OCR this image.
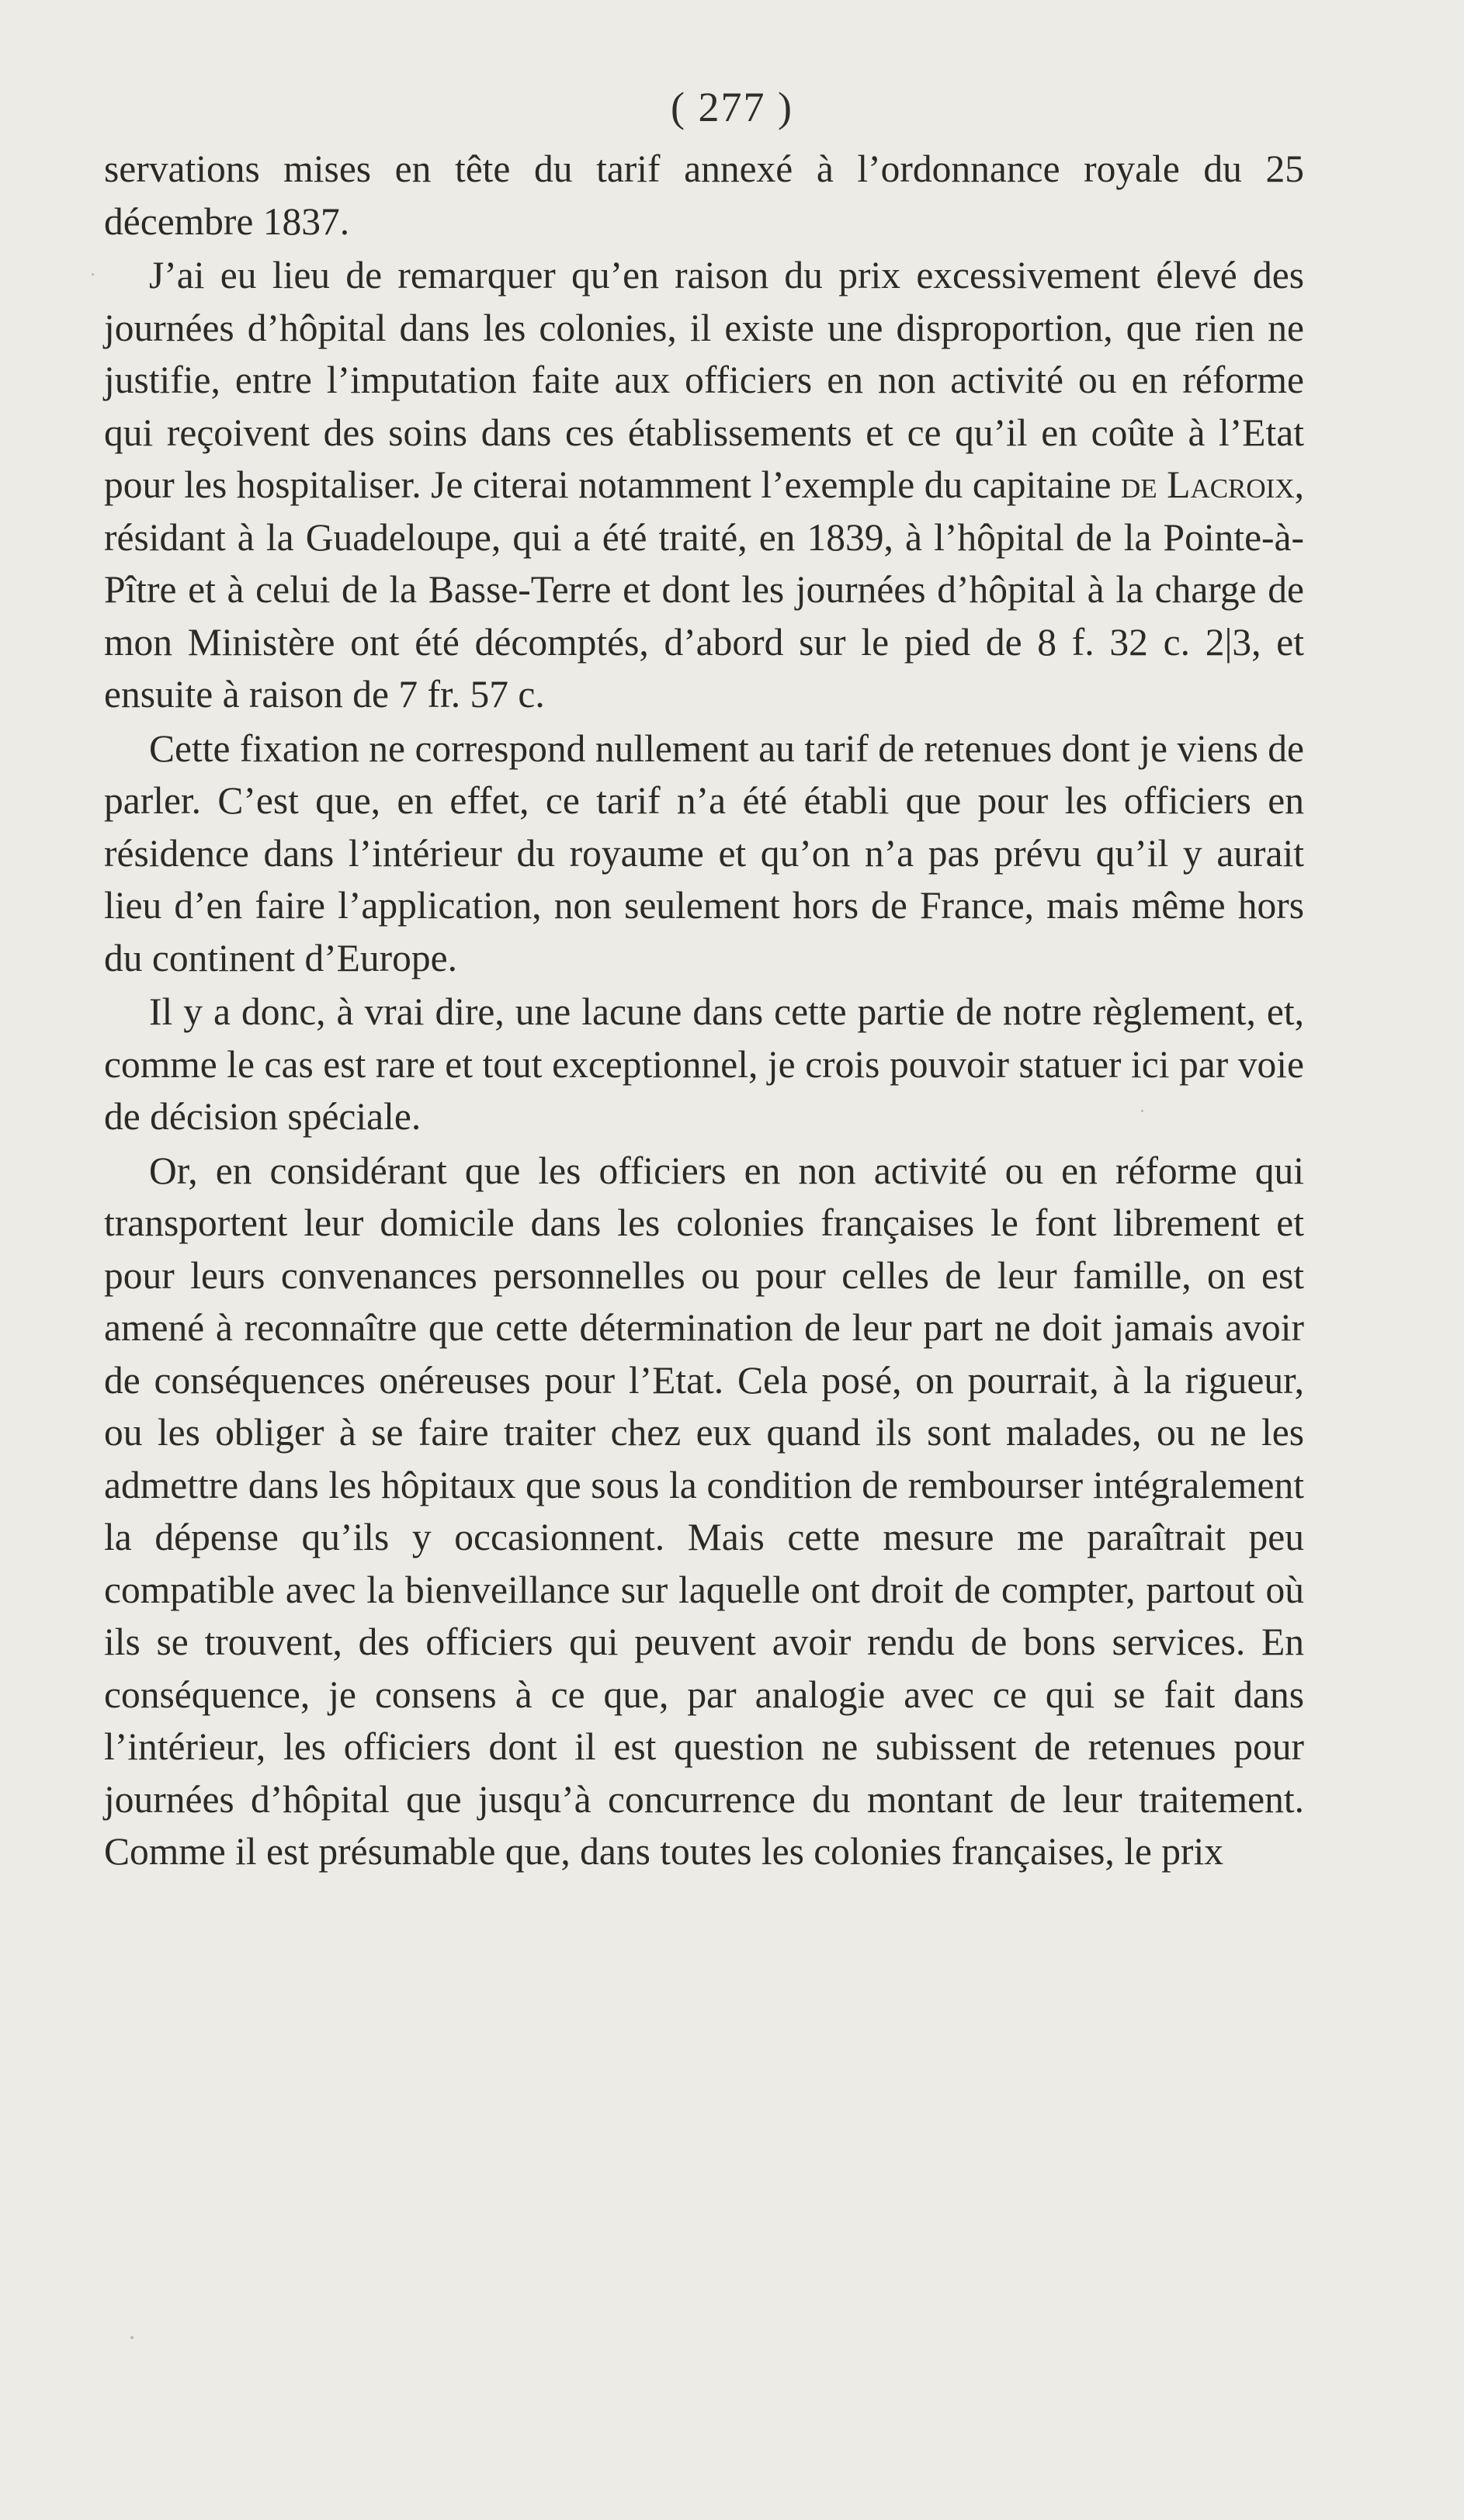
( 277 )

servations mises en tête du tarif annexé à l’ordonnance royale du 25 décembre 1837.

J’ai eu lieu de remarquer qu’en raison du prix excessivement élevé des journées d’hôpital dans les colonies, il existe une disproportion, que rien ne justifie, entre l’imputation faite aux officiers en non activité ou en réforme qui reçoivent des soins dans ces établissements et ce qu’il en coûte à l’Etat pour les hospitaliser. Je citerai notamment l’exemple du capitaine de Lacroix, résidant à la Guadeloupe, qui a été traité, en 1839, à l’hôpital de la Pointe-à-Pître et à celui de la Basse-Terre et dont les journées d’hôpital à la charge de mon Ministère ont été décomptés, d’abord sur le pied de 8 f. 32 c. 2|3, et ensuite à raison de 7 fr. 57 c.

Cette fixation ne correspond nullement au tarif de retenues dont je viens de parler. C’est que, en effet, ce tarif n’a été établi que pour les officiers en résidence dans l’intérieur du royaume et qu’on n’a pas prévu qu’il y aurait lieu d’en faire l’application, non seulement hors de France, mais même hors du continent d’Europe.

Il y a donc, à vrai dire, une lacune dans cette partie de notre règlement, et, comme le cas est rare et tout exceptionnel, je crois pouvoir statuer ici par voie de décision spéciale.

Or, en considérant que les officiers en non activité ou en réforme qui transportent leur domicile dans les colonies françaises le font librement et pour leurs convenances personnelles ou pour celles de leur famille, on est amené à reconnaître que cette détermination de leur part ne doit jamais avoir de conséquences onéreuses pour l’Etat. Cela posé, on pourrait, à la rigueur, ou les obliger à se faire traiter chez eux quand ils sont malades, ou ne les admettre dans les hôpitaux que sous la condition de rembourser intégralement la dépense qu’ils y occasionnent. Mais cette mesure me paraîtrait peu compatible avec la bienveillance sur laquelle ont droit de compter, partout où ils se trouvent, des officiers qui peuvent avoir rendu de bons services. En conséquence, je consens à ce que, par analogie avec ce qui se fait dans l’intérieur, les officiers dont il est question ne subissent de retenues pour journées d’hôpital que jusqu’à concurrence du montant de leur traitement. Comme il est présumable que, dans toutes les colonies françaises, le prix
